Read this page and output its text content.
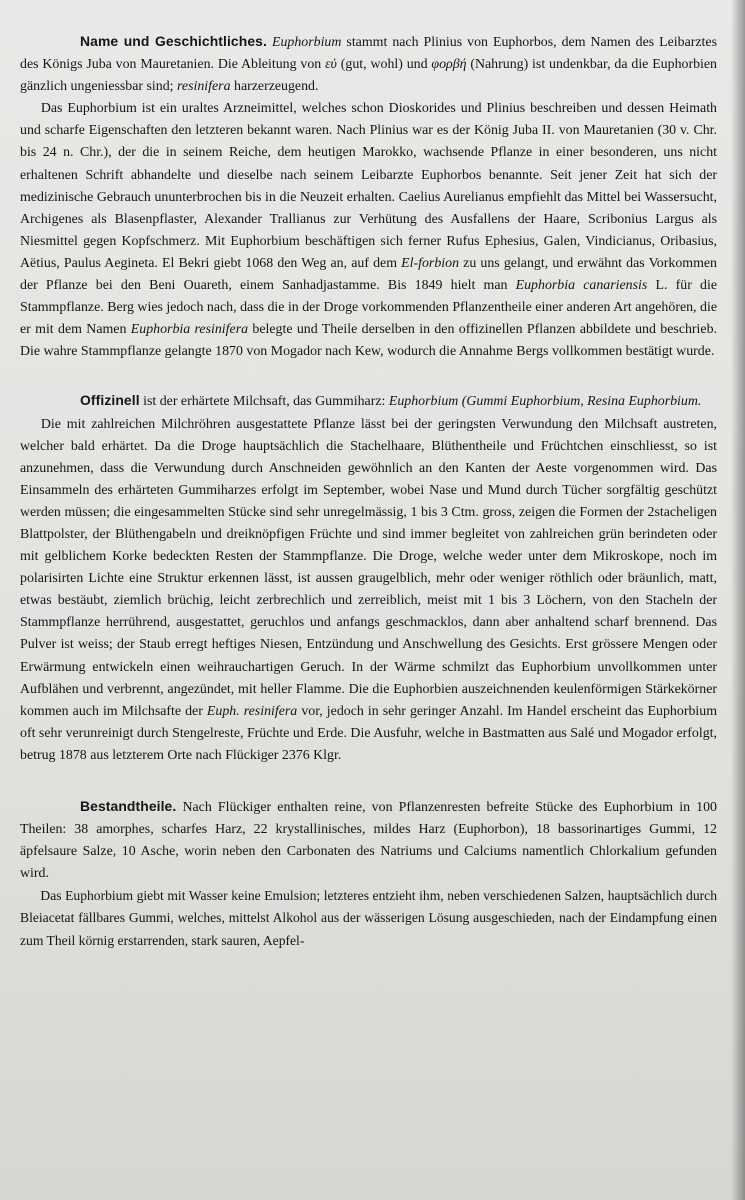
Name und Geschichtliches. Euphorbium stammt nach Plinius von Euphorbos, dem Namen des Leibarztes des Königs Juba von Mauretanien. Die Ableitung von εὐ (gut, wohl) und φορβή (Nahrung) ist undenkbar, da die Euphorbien gänzlich ungeniessbar sind; resinifera harzerzeugend.

Das Euphorbium ist ein uraltes Arzneimittel, welches schon Dioskorides und Plinius beschreiben und dessen Heimath und scharfe Eigenschaften den letzteren bekannt waren. Nach Plinius war es der König Juba II. von Mauretanien (30 v. Chr. bis 24 n. Chr.), der die in seinem Reiche, dem heutigen Marokko, wachsende Pflanze in einer besonderen, uns nicht erhaltenen Schrift abhandelte und dieselbe nach seinem Leibarzte Euphorbos benannte. Seit jener Zeit hat sich der medizinische Gebrauch ununterbrochen bis in die Neuzeit erhalten. Caelius Aurelianus empfiehlt das Mittel bei Wassersucht, Archigenes als Blasenpflaster, Alexander Trallianus zur Verhütung des Ausfallens der Haare, Scribonius Largus als Niesmittel gegen Kopfschmerz. Mit Euphorbium beschäftigen sich ferner Rufus Ephesius, Galen, Vindicianus, Oribasius, Aëtius, Paulus Aegineta. El Bekri giebt 1068 den Weg an, auf dem El-forbion zu uns gelangt, und erwähnt das Vorkommen der Pflanze bei den Beni Ouareth, einem Sanhadjastamme. Bis 1849 hielt man Euphorbia canariensis L. für die Stammpflanze. Berg wies jedoch nach, dass die in der Droge vorkommenden Pflanzentheile einer anderen Art angehören, die er mit dem Namen Euphorbia resinifera belegte und Theile derselben in den offizinellen Pflanzen abbildete und beschrieb. Die wahre Stammpflanze gelangte 1870 von Mogador nach Kew, wodurch die Annahme Bergs vollkommen bestätigt wurde.

Offizinell ist der erhärtete Milchsaft, das Gummiharz: Euphorbium (Gummi Euphorbium, Resina Euphorbium.

Die mit zahlreichen Milchröhren ausgestattete Pflanze lässt bei der geringsten Verwundung den Milchsaft austreten, welcher bald erhärtet. Da die Droge hauptsächlich die Stachelhaare, Blüthentheile und Früchtchen einschliesst, so ist anzunehmen, dass die Verwundung durch Anschneiden gewöhnlich an den Kanten der Aeste vorgenommen wird. Das Einsammeln des erhärteten Gummiharzes erfolgt im September, wobei Nase und Mund durch Tücher sorgfältig geschützt werden müssen; die eingesammelten Stücke sind sehr unregelmässig, 1 bis 3 Ctm. gross, zeigen die Formen der 2stacheligen Blattpolster, der Blüthengabeln und dreiknöpfigen Früchte und sind immer begleitet von zahlreichen grün berindeten oder mit gelblichem Korke bedeckten Resten der Stammpflanze. Die Droge, welche weder unter dem Mikroskope, noch im polarisirten Lichte eine Struktur erkennen lässt, ist aussen graugelblich, mehr oder weniger röthlich oder bräunlich, matt, etwas bestäubt, ziemlich brüchig, leicht zerbrechlich und zerreiblich, meist mit 1 bis 3 Löchern, von den Stacheln der Stammpflanze herrührend, ausgestattet, geruchlos und anfangs geschmacklos, dann aber anhaltend scharf brennend. Das Pulver ist weiss; der Staub erregt heftiges Niesen, Entzündung und Anschwellung des Gesichts. Erst grössere Mengen oder Erwärmung entwickeln einen weihrauchartigen Geruch. In der Wärme schmilzt das Euphorbium unvollkommen unter Aufblähen und verbrennt, angezündet, mit heller Flamme. Die die Euphorbien auszeichnenden keulenförmigen Stärkekörner kommen auch im Milchsafte der Euph. resinifera vor, jedoch in sehr geringer Anzahl. Im Handel erscheint das Euphorbium oft sehr verunreinigt durch Stengelreste, Früchte und Erde. Die Ausfuhr, welche in Bastmatten aus Salé und Mogador erfolgt, betrug 1878 aus letzterem Orte nach Flückiger 2376 Klgr.

Bestandtheile. Nach Flückiger enthalten reine, von Pflanzenresten befreite Stücke des Euphorbium in 100 Theilen: 38 amorphes, scharfes Harz, 22 krystallinisches, mildes Harz (Euphorbon), 18 bassorinartiges Gummi, 12 äpfelsaure Salze, 10 Asche, worin neben den Carbonaten des Natriums und Calciums namentlich Chlorkalium gefunden wird.

Das Euphorbium giebt mit Wasser keine Emulsion; letzteres entzieht ihm, neben verschiedenen Salzen, hauptsächlich durch Bleiacetat fällbares Gummi, welches, mittelst Alkohol aus der wässerigen Lösung ausgeschieden, nach der Eindampfung einen zum Theil körnig erstarrenden, stark sauren, Aepfel-
